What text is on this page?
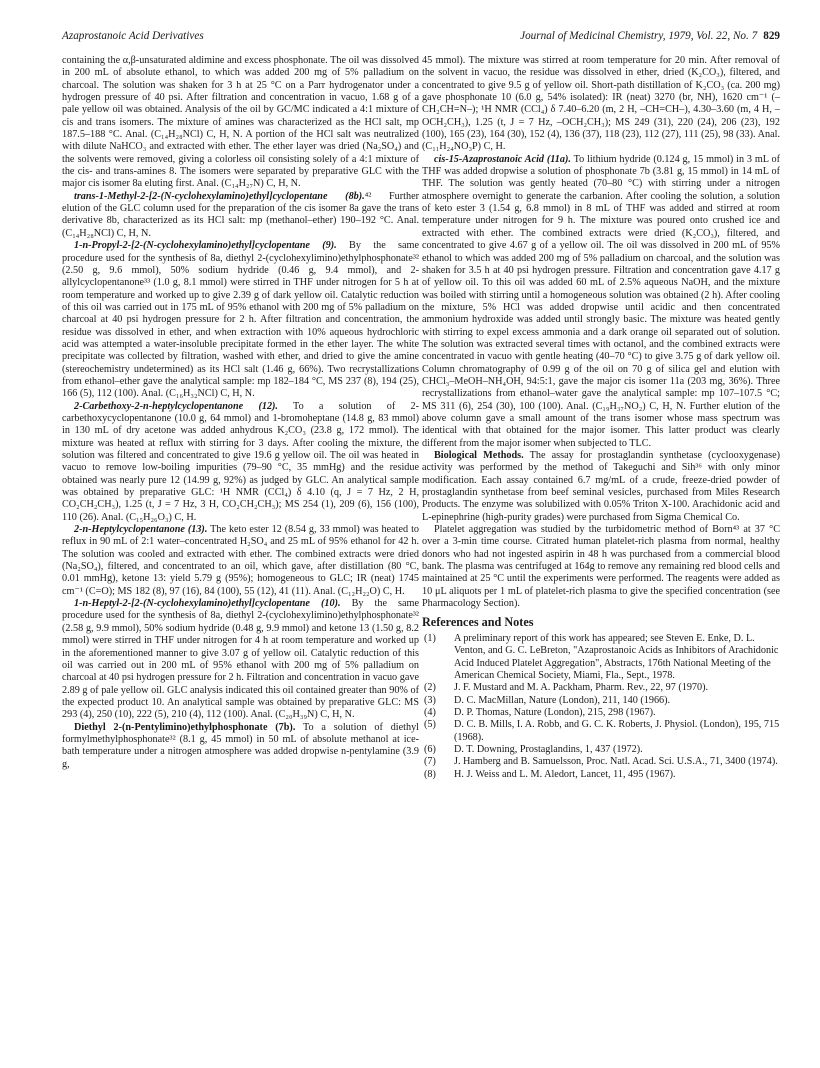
Azaprostanoic Acid Derivatives	Journal of Medicinal Chemistry, 1979, Vol. 22, No. 7 829

containing the α,β-unsaturated aldimine and excess phosphonate. The oil was dissolved in 200 mL of absolute ethanol, to which was added 200 mg of 5% palladium on charcoal. The solution was shaken for 3 h at 25 °C on a Parr hydrogenator under a hydrogen pressure of 40 psi. After filtration and concentration in vacuo, 1.68 g of a pale yellow oil was obtained. Analysis of the oil by GC/MC indicated a 4:1 mixture of cis and trans isomers. The mixture of amines was characterized as the HCl salt, mp 187.5–188 °C. Anal. (C₁₄H₂₈NCl) C, H, N. A portion of the HCl salt was neutralized with dilute NaHCO₃ and extracted with ether. The ether layer was dried (Na₂SO₄) and the solvents were removed, giving a colorless oil consisting solely of a 4:1 mixture of the cis- and trans-amines 8. The isomers were separated by preparative GLC with the major cis isomer 8a eluting first. Anal. (C₁₄H₂₇N) C, H, N.

trans-1-Methyl-2-[2-(N-cyclohexylamino)ethyl]cyclopentane (8b).⁴² Further elution of the GLC column used for the preparation of the cis isomer 8a gave the trans derivative 8b, characterized as its HCl salt: mp (methanol–ether) 190–192 °C. Anal. (C₁₄H₂₈NCl) C, H, N.

1-n-Propyl-2-[2-(N-cyclohexylamino)ethyl]cyclopentane (9). By the same procedure used for the synthesis of 8a, diethyl 2-(cyclohexylimino)ethylphosphonate³² (2.50 g, 9.6 mmol), 50% sodium hydride (0.46 g, 9.4 mmol), and 2-allylcyclopentanone³³ (1.0 g, 8.1 mmol) were stirred in THF under nitrogen for 5 h at room temperature and worked up to give 2.39 g of dark yellow oil. Catalytic reduction of this oil was carried out in 175 mL of 95% ethanol with 200 mg of 5% palladium on charcoal at 40 psi hydrogen pressure for 2 h. After filtration and concentration, the residue was dissolved in ether, and when extraction with 10% aqueous hydrochloric acid was attempted a water-insoluble precipitate formed in the ether layer. The white precipitate was collected by filtration, washed with ether, and dried to give the amine (stereochemistry undetermined) as its HCl salt (1.46 g, 66%). Two recrystallizations from ethanol–ether gave the analytical sample: mp 182–184 °C, MS 237 (8), 194 (25), 166 (5), 112 (100). Anal. (C₁₆H₃₂NCl) C, H, N.

2-Carbethoxy-2-n-heptylcyclopentanone (12). To a solution of 2-carbethoxycyclopentanone (10.0 g, 64 mmol) and 1-bromoheptane (14.8 g, 83 mmol) in 130 mL of dry acetone was added anhydrous K₂CO₃ (23.8 g, 172 mmol). The mixture was heated at reflux with stirring for 3 days. After cooling the mixture, the solution was filtered and concentrated to give 19.6 g yellow oil. The oil was heated in vacuo to remove low-boiling impurities (79–90 °C, 35 mmHg) and the residue obtained was nearly pure 12 (14.99 g, 92%) as judged by GLC. An analytical sample was obtained by preparative GLC: ¹H NMR (CCl₄) δ 4.10 (q, J = 7 Hz, 2 H, CO₂CH₂CH₃), 1.25 (t, J = 7 Hz, 3 H, CO₂CH₂CH₃); MS 254 (1), 209 (6), 156 (100), 110 (26). Anal. (C₁₅H₂₆O₃) C, H.

2-n-Heptylcyclopentanone (13). The keto ester 12 (8.54 g, 33 mmol) was heated to reflux in 90 mL of 2:1 water–concentrated H₂SO₄ and 25 mL of 95% ethanol for 42 h. The solution was cooled and extracted with ether. The combined extracts were dried (Na₂SO₄), filtered, and concentrated to an oil, which gave, after distillation (80 °C, 0.01 mmHg), ketone 13: yield 5.79 g (95%); homogeneous to GLC; IR (neat) 1745 cm⁻¹ (C=O); MS 182 (8), 97 (16), 84 (100), 55 (12), 41 (11). Anal. (C₁₂H₂₂O) C, H.

1-n-Heptyl-2-[2-(N-cyclohexylamino)ethyl]cyclopentane (10). By the same procedure used for the synthesis of 8a, diethyl 2-(cyclohexylimino)ethylphosphonate³² (2.58 g, 9.9 mmol), 50% sodium hydride (0.48 g, 9.9 mmol) and ketone 13 (1.50 g, 8.2 mmol) were stirred in THF under nitrogen for 4 h at room temperature and worked up in the aforementioned manner to give 3.07 g of yellow oil. Catalytic reduction of this oil was carried out in 200 mL of 95% ethanol with 200 mg of 5% palladium on charcoal at 40 psi hydrogen pressure for 2 h. Filtration and concentration in vacuo gave 2.89 g of pale yellow oil. GLC analysis indicated this oil contained greater than 90% of the expected product 10. An analytical sample was obtained by preparative GLC: MS 293 (4), 250 (10), 222 (5), 210 (4), 112 (100). Anal. (C₂₀H₃₉N) C, H, N.

Diethyl 2-(n-Pentylimino)ethylphosphonate (7b). To a solution of diethyl formylmethylphosphonate³² (8.1 g, 45 mmol) in 50 mL of absolute methanol at ice-bath temperature under a nitrogen atmosphere was added dropwise n-pentylamine (3.9 g,

45 mmol). The mixture was stirred at room temperature for 20 min. After removal of the solvent in vacuo, the residue was dissolved in ether, dried (K₂CO₃), filtered, and concentrated to give 9.5 g of yellow oil. Short-path distillation of K₂CO₃ (ca. 200 mg) gave phosphonate 10 (6.0 g, 54% isolated): IR (neat) 3270 (br, NH), 1620 cm⁻¹ (–CH₂CH=N–); ¹H NMR (CCl₄) δ 7.40–6.20 (m, 2 H, –CH=CH–), 4.30–3.60 (m, 4 H, –OCH₂CH₃), 1.25 (t, J = 7 Hz, –OCH₂CH₃); MS 249 (31), 220 (24), 206 (23), 192 (100), 165 (23), 164 (30), 152 (4), 136 (37), 118 (23), 112 (27), 111 (25), 98 (33). Anal. (C₁₁H₂₄NO₃P) C, H.

cis-15-Azaprostanoic Acid (11a). To lithium hydride (0.124 g, 15 mmol) in 3 mL of THF was added dropwise a solution of phosphonate 7b (3.81 g, 15 mmol) in 14 mL of THF. The solution was gently heated (70–80 °C) with stirring under a nitrogen atmosphere overnight to generate the carbanion. After cooling the solution, a solution of keto ester 3 (1.54 g, 6.8 mmol) in 8 mL of THF was added and stirred at room temperature under nitrogen for 9 h. The mixture was poured onto crushed ice and extracted with ether. The combined extracts were dried (K₂CO₃), filtered, and concentrated to give 4.67 g of a yellow oil. The oil was dissolved in 200 mL of 95% ethanol to which was added 200 mg of 5% palladium on charcoal, and the solution was shaken for 3.5 h at 40 psi hydrogen pressure. Filtration and concentration gave 4.17 g of yellow oil. To this oil was added 60 mL of 2.5% aqueous NaOH, and the mixture was boiled with stirring until a homogeneous solution was obtained (2 h). After cooling the mixture, 5% HCl was added dropwise until acidic and then concentrated ammonium hydroxide was added until strongly basic. The mixture was heated gently with stirring to expel excess ammonia and a dark orange oil separated out of solution. The solution was extracted several times with octanol, and the combined extracts were concentrated in vacuo with gentle heating (40–70 °C) to give 3.75 g of dark yellow oil. Column chromatography of 0.99 g of the oil on 70 g of silica gel and elution with CHCl₃–MeOH–NH₄OH, 94:5:1, gave the major cis isomer 11a (203 mg, 36%). Three recrystallizations from ethanol–water gave the analytical sample: mp 107–107.5 °C; MS 311 (6), 254 (30), 100 (100). Anal. (C₁₉H₃₇NO₂) C, H, N. Further elution of the above column gave a small amount of the trans isomer whose mass spectrum was identical with that obtained for the major isomer. This latter product was clearly different from the major isomer when subjected to TLC.

Biological Methods. The assay for prostaglandin synthetase (cyclooxygenase) activity was performed by the method of Takeguchi and Sih³⁶ with only minor modification. Each assay contained 6.7 mg/mL of a crude, freeze-dried powder of prostaglandin synthetase from beef seminal vesicles, purchased from Miles Research Products. The enzyme was solubilized with 0.05% Triton X-100. Arachidonic acid and L-epinephrine (high-purity grades) were purchased from Sigma Chemical Co.

Platelet aggregation was studied by the turbidometric method of Born⁴³ at 37 °C over a 3-min time course. Citrated human platelet-rich plasma from normal, healthy donors who had not ingested aspirin in 48 h was purchased from a commercial blood bank. The plasma was centrifuged at 164g to remove any remaining red blood cells and maintained at 25 °C until the experiments were performed. The reagents were added as 10 μL aliquots per 1 mL of platelet-rich plasma to give the specified concentration (see Pharmacology Section).

References and Notes
(1) A preliminary report of this work has appeared; see Steven E. Enke, D. L. Venton, and G. C. LeBreton, "Azaprostanoic Acids as Inhibitors of Arachidonic Acid Induced Platelet Aggregation", Abstracts, 176th National Meeting of the American Chemical Society, Miami, Fla., Sept., 1978.
(2) J. F. Mustard and M. A. Packham, Pharm. Rev., 22, 97 (1970).
(3) D. C. MacMillan, Nature (London), 211, 140 (1966).
(4) D. P. Thomas, Nature (London), 215, 298 (1967).
(5) D. C. B. Mills, I. A. Robb, and G. C. K. Roberts, J. Physiol. (London), 195, 715 (1968).
(6) D. T. Downing, Prostaglandins, 1, 437 (1972).
(7) J. Hamberg and B. Samuelsson, Proc. Natl. Acad. Sci. U.S.A., 71, 3400 (1974).
(8) H. J. Weiss and L. M. Aledort, Lancet, 11, 495 (1967).
